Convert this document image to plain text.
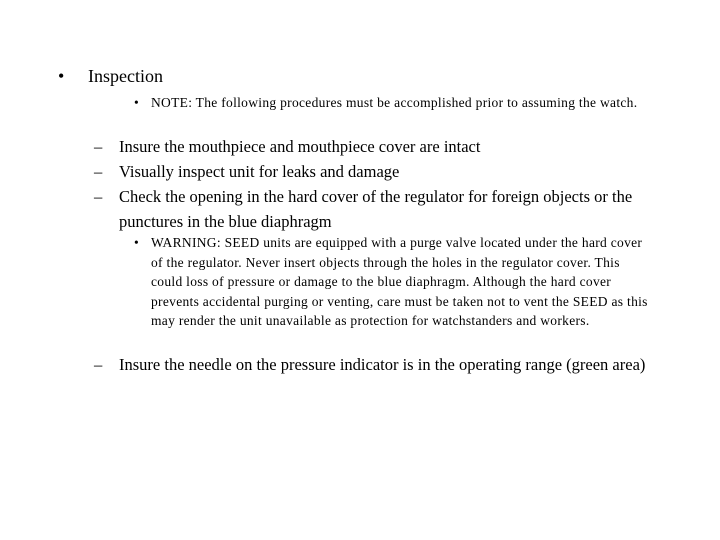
• Inspection
• NOTE: The following procedures must be accomplished prior to assuming the watch.
– Insure the mouthpiece and mouthpiece cover are intact
– Visually inspect unit for leaks and damage
– Check the opening in the hard cover of the regulator for foreign objects or the punctures in the blue diaphragm
• WARNING: SEED units are equipped with a purge valve located under the hard cover of the regulator. Never insert objects through the holes in the regulator cover. This could loss of pressure or damage to the blue diaphragm. Although the hard cover prevents accidental purging or venting, care must be taken not to vent the SEED as this may render the unit unavailable as protection for watchstanders and workers.
– Insure the needle on the pressure indicator is in the operating range (green area)
